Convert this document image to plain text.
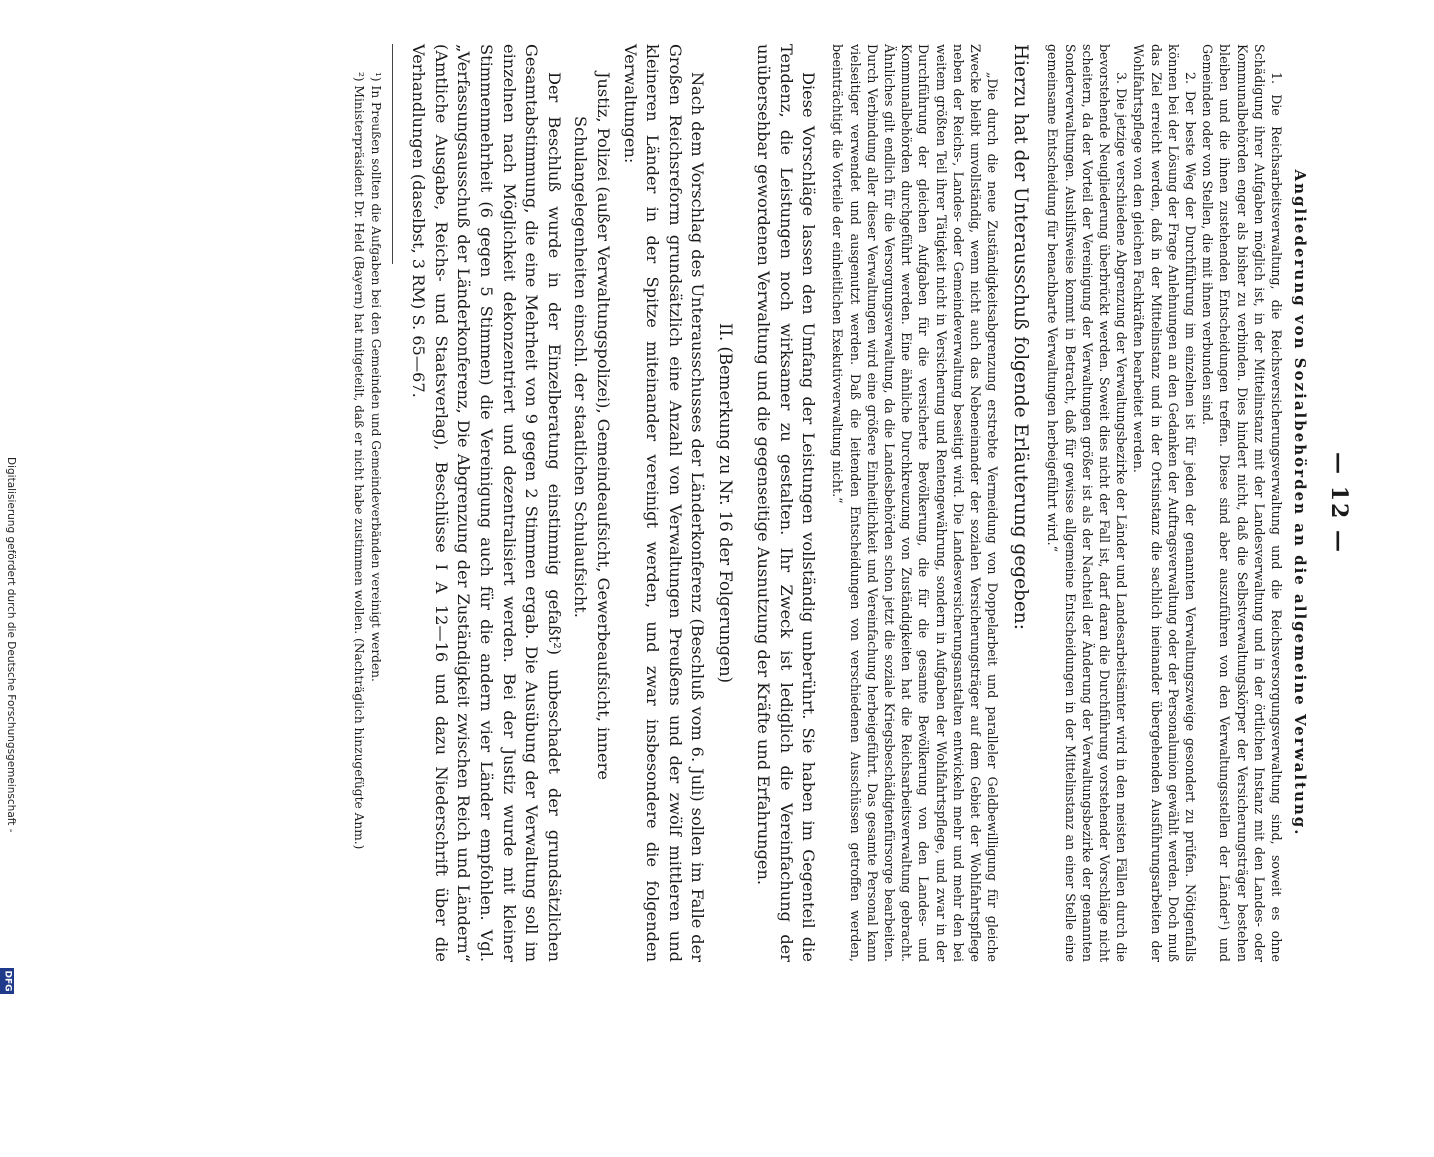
— 12 —
Angliederung von Sozialbehörden an die allgemeine Verwaltung.

1. Die Reichsarbeitsverwaltung, die Reichsversicherungsverwaltung und die Reichsversorgungsverwaltung sind, soweit es ohne Schädigung ihrer Aufgaben möglich ist, in der Mittelinstanz mit der Landesverwaltung und in der örtlichen Instanz mit den Landes- oder Kommunalbehörden enger als bisher zu verbinden. Dies hindert nicht, daß die Selbstverwaltungskörper der Versicherungsträger bestehen bleiben und die ihnen zustehenden Entscheidungen treffen. Diese sind aber auszuführen von den Verwaltungsstellen der Länder¹) und Gemeinden oder von Stellen, die mit ihnen verbunden sind.

2. Der beste Weg der Durchführung im einzelnen ist für jeden der genannten Verwaltungszweige gesondert zu prüfen. Nötigenfalls können bei der Lösung der Frage Anlehnungen an den Gedanken der Auftragsverwaltung oder der Personalunion gewählt werden. Doch muß das Ziel erreicht werden, daß in der Mittelinstanz und in der Ortsinstanz die sachlich ineinander übergehenden Ausführungsarbeiten der Wohlfahrtspflege von den gleichen Fachkräften bearbeitet werden.

3. Die jetzige verschiedene Abgrenzung der Verwaltungsbezirke der Länder und Landesarbeitsämter wird in den meisten Fällen durch die bevorstehende Neugliederung überbrückt werden. Soweit dies nicht der Fall ist, darf daran die Durchführung vorstehender Vorschläge nicht scheitern, da der Vorteil der Vereinigung der Verwaltungen größer ist als der Nachteil der Änderung der Verwaltungsbezirke der genannten Sonderverwaltungen. Aushilfsweise kommt in Betracht, daß für gewisse allgemeine Entscheidungen in der Mittelinstanz an einer Stelle eine gemeinsame Entscheidung für benachbarte Verwaltungen herbeigeführt wird.“

Hierzu hat der Unterausschuß folgende Erläuterung gegeben:

„Die durch die neue Zuständigkeitsabgrenzung erstrebte Vermeidung von Doppelarbeit und paralleler Geldbewilligung für gleiche Zwecke bleibt unvollständig, wenn nicht auch das Nebeneinander der sozialen Versicherungsträger auf dem Gebiet der Wohlfahrtspflege neben der Reichs-, Landes- oder Gemeindeverwaltung beseitigt wird. Die Landesversicherungsanstalten entwickeln mehr und mehr den bei weitem größten Teil ihrer Tätigkeit nicht in Versicherung und Rentengewährung, sondern in Aufgaben der Wohlfahrtspflege, und zwar in der Durchführung der gleichen Aufgaben für die versicherte Bevölkerung, die für die gesamte Bevölkerung von den Landes- und Kommunalbehörden durchgeführt werden. Eine ähnliche Durchkreuzung von Zuständigkeiten hat die Reichsarbeitsverwaltung gebracht. Ähnliches gilt endlich für die Versorgungsverwaltung, da die Landesbehörden schon jetzt die soziale Kriegsbeschädigtenfürsorge bearbeiten. Durch Verbindung aller dieser Verwaltungen wird eine größere Einheitlichkeit und Vereinfachung herbeigeführt. Das gesamte Personal kann vielseitiger verwendet und ausgenutzt werden. Daß die leitenden Entscheidungen von verschiedenen Ausschüssen getroffen werden, beeinträchtigt die Vorteile der einheitlichen Exekutivverwaltung nicht.“

Diese Vorschläge lassen den Umfang der Leistungen vollständig unberührt. Sie haben im Gegenteil die Tendenz, die Leistungen noch wirksamer zu gestalten. Ihr Zweck ist lediglich die Vereinfachung der unübersehbar gewordenen Verwaltung und die gegenseitige Ausnutzung der Kräfte und Erfahrungen.

II. (Bemerkung zu Nr. 16 der Folgerungen)

Nach dem Vorschlag des Unterausschusses der Länderkonferenz (Beschluß vom 6. Juli) sollen im Falle der Großen Reichsreform grundsätzlich eine Anzahl von Verwaltungen Preußens und der zwölf mittleren und kleineren Länder in der Spitze miteinander vereinigt werden, und zwar insbesondere die folgenden Verwaltungen:

Justiz, Polizei (außer Verwaltungspolizei), Gemeindeaufsicht, Gewerbeaufsicht, innere
Schulangelegenheiten einschl. der staatlichen Schulaufsicht.

Der Beschluß wurde in der Einzelberatung einstimmig gefaßt²) unbeschadet der grundsätzlichen Gesamtabstimmung, die eine Mehrheit von 9 gegen 2 Stimmen ergab. Die Ausübung der Verwaltung soll im einzelnen nach Möglichkeit dekonzentriert und dezentralisiert werden. Bei der Justiz wurde mit kleiner Stimmenmehrheit (6 gegen 5 Stimmen) die Vereinigung auch für die andern vier Länder empfohlen. Vgl. „Verfassungsausschuß der Länderkonferenz, Die Abgrenzung der Zuständigkeit zwischen Reich und Ländern“ (Amtliche Ausgabe, Reichs- und Staatsverlag), Beschlüsse I A 12—16 und dazu Niederschrift über die Verhandlungen (daselbst, 3 RM) S. 65—67.

¹) In Preußen sollten die Aufgaben bei den Gemeinden und Gemeindeverbänden vereinigt werden.

²) Ministerpräsident Dr. Held (Bayern) hat mitgeteilt, daß er nicht habe zustimmen wollen. (Nachträglich hinzugefügte Anm.)

Digitalisierung gefördert durch die Deutsche Forschungsgemeinschaft -
DFG
